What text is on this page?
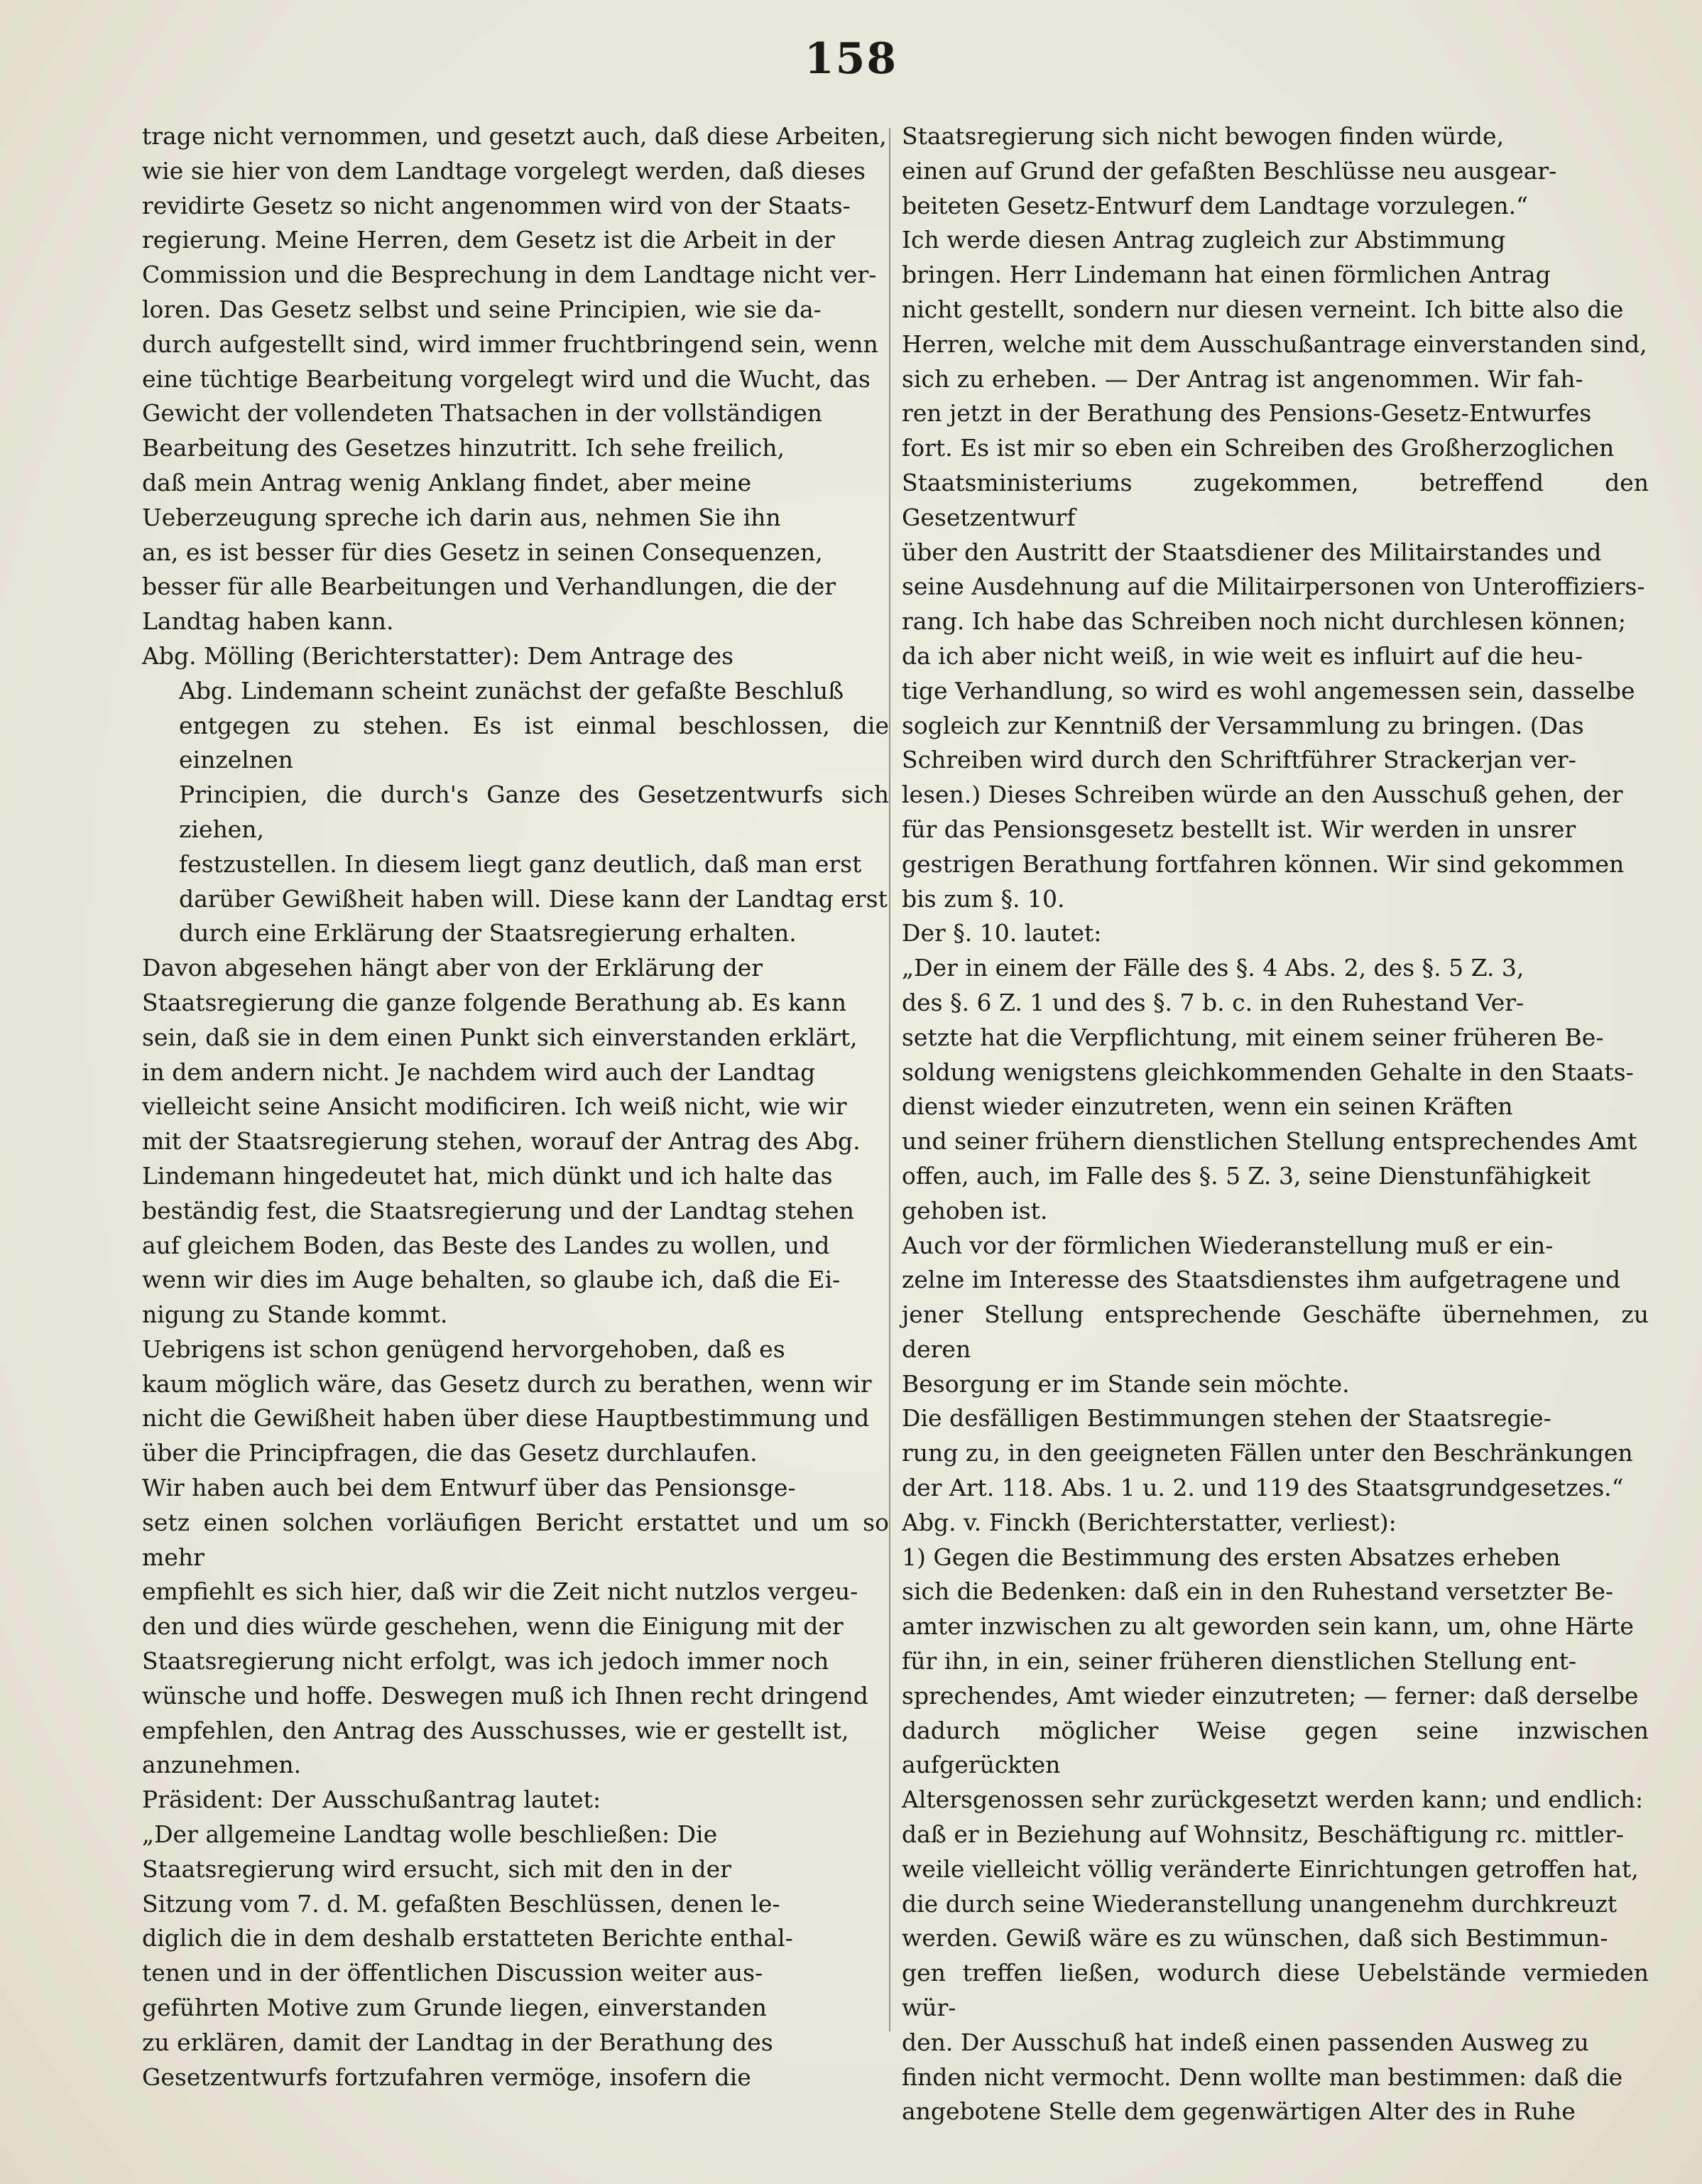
158

trage nicht vernommen, und gesetzt auch, daß diese Arbeiten,
wie sie hier von dem Landtage vorgelegt werden, daß dieses
revidirte Gesetz so nicht angenommen wird von der Staats-
regierung. Meine Herren, dem Gesetz ist die Arbeit in der
Commission und die Besprechung in dem Landtage nicht ver-
loren. Das Gesetz selbst und seine Principien, wie sie da-
durch aufgestellt sind, wird immer fruchtbringend sein, wenn
eine tüchtige Bearbeitung vorgelegt wird und die Wucht, das
Gewicht der vollendeten Thatsachen in der vollständigen
Bearbeitung des Gesetzes hinzutritt. Ich sehe freilich,
daß mein Antrag wenig Anklang findet, aber meine
Ueberzeugung spreche ich darin aus, nehmen Sie ihn
an, es ist besser für dies Gesetz in seinen Consequenzen,
besser für alle Bearbeitungen und Verhandlungen, die der
Landtag haben kann.

Abg. Mölling (Berichterstatter): Dem Antrage des
Abg. Lindemann scheint zunächst der gefaßte Beschluß
entgegen zu stehen. Es ist einmal beschlossen, die einzelnen
Principien, die durch's Ganze des Gesetzentwurfs sich ziehen,
festzustellen. In diesem liegt ganz deutlich, daß man erst
darüber Gewißheit haben will. Diese kann der Landtag erst
durch eine Erklärung der Staatsregierung erhalten.

Davon abgesehen hängt aber von der Erklärung der
Staatsregierung die ganze folgende Berathung ab. Es kann
sein, daß sie in dem einen Punkt sich einverstanden erklärt,
in dem andern nicht. Je nachdem wird auch der Landtag
vielleicht seine Ansicht modificiren. Ich weiß nicht, wie wir
mit der Staatsregierung stehen, worauf der Antrag des Abg.
Lindemann hingedeutet hat, mich dünkt und ich halte das
beständig fest, die Staatsregierung und der Landtag stehen
auf gleichem Boden, das Beste des Landes zu wollen, und
wenn wir dies im Auge behalten, so glaube ich, daß die Ei-
nigung zu Stande kommt.

Uebrigens ist schon genügend hervorgehoben, daß es
kaum möglich wäre, das Gesetz durch zu berathen, wenn wir
nicht die Gewißheit haben über diese Hauptbestimmung und
über die Principfragen, die das Gesetz durchlaufen.

Wir haben auch bei dem Entwurf über das Pensionsge-
setz einen solchen vorläufigen Bericht erstattet und um so mehr
empfiehlt es sich hier, daß wir die Zeit nicht nutzlos vergeu-
den und dies würde geschehen, wenn die Einigung mit der
Staatsregierung nicht erfolgt, was ich jedoch immer noch
wünsche und hoffe. Deswegen muß ich Ihnen recht dringend
empfehlen, den Antrag des Ausschusses, wie er gestellt ist,
anzunehmen.

Präsident: Der Ausschußantrag lautet:

„Der allgemeine Landtag wolle beschließen: Die
Staatsregierung wird ersucht, sich mit den in der
Sitzung vom 7. d. M. gefaßten Beschlüssen, denen le-
diglich die in dem deshalb erstatteten Berichte enthal-
tenen und in der öffentlichen Discussion weiter aus-
geführten Motive zum Grunde liegen, einverstanden
zu erklären, damit der Landtag in der Berathung des
Gesetzentwurfs fortzufahren vermöge, insofern die

Staatsregierung sich nicht bewogen finden würde,
einen auf Grund der gefaßten Beschlüsse neu ausgear-
beiteten Gesetz-Entwurf dem Landtage vorzulegen.“

Ich werde diesen Antrag zugleich zur Abstimmung
bringen. Herr Lindemann hat einen förmlichen Antrag
nicht gestellt, sondern nur diesen verneint. Ich bitte also die
Herren, welche mit dem Ausschußantrage einverstanden sind,
sich zu erheben. — Der Antrag ist angenommen. Wir fah-
ren jetzt in der Berathung des Pensions-Gesetz-Entwurfes
fort. Es ist mir so eben ein Schreiben des Großherzoglichen
Staatsministeriums zugekommen, betreffend den Gesetzentwurf
über den Austritt der Staatsdiener des Militairstandes und
seine Ausdehnung auf die Militairpersonen von Unteroffiziers-
rang. Ich habe das Schreiben noch nicht durchlesen können;
da ich aber nicht weiß, in wie weit es influirt auf die heu-
tige Verhandlung, so wird es wohl angemessen sein, dasselbe
sogleich zur Kenntniß der Versammlung zu bringen. (Das
Schreiben wird durch den Schriftführer Strackerjan ver-
lesen.) Dieses Schreiben würde an den Ausschuß gehen, der
für das Pensionsgesetz bestellt ist. Wir werden in unsrer
gestrigen Berathung fortfahren können. Wir sind gekommen
bis zum §. 10.

Der §. 10. lautet:

„Der in einem der Fälle des §. 4 Abs. 2, des §. 5 Z. 3,
des §. 6 Z. 1 und des §. 7 b. c. in den Ruhestand Ver-
setzte hat die Verpflichtung, mit einem seiner früheren Be-
soldung wenigstens gleichkommenden Gehalte in den Staats-
dienst wieder einzutreten, wenn ein seinen Kräften
und seiner frühern dienstlichen Stellung entsprechendes Amt
offen, auch, im Falle des §. 5 Z. 3, seine Dienstunfähigkeit
gehoben ist.

Auch vor der förmlichen Wiederanstellung muß er ein-
zelne im Interesse des Staatsdienstes ihm aufgetragene und
jener Stellung entsprechende Geschäfte übernehmen, zu deren
Besorgung er im Stande sein möchte.

Die desfälligen Bestimmungen stehen der Staatsregie-
rung zu, in den geeigneten Fällen unter den Beschränkungen
der Art. 118. Abs. 1 u. 2. und 119 des Staatsgrundgesetzes.“

Abg. v. Finckh (Berichterstatter, verliest):

1) Gegen die Bestimmung des ersten Absatzes erheben
sich die Bedenken: daß ein in den Ruhestand versetzter Be-
amter inzwischen zu alt geworden sein kann, um, ohne Härte
für ihn, in ein, seiner früheren dienstlichen Stellung ent-
sprechendes, Amt wieder einzutreten; — ferner: daß derselbe
dadurch möglicher Weise gegen seine inzwischen aufgerückten
Altersgenossen sehr zurückgesetzt werden kann; und endlich:
daß er in Beziehung auf Wohnsitz, Beschäftigung rc. mittler-
weile vielleicht völlig veränderte Einrichtungen getroffen hat,
die durch seine Wiederanstellung unangenehm durchkreuzt
werden. Gewiß wäre es zu wünschen, daß sich Bestimmun-
gen treffen ließen, wodurch diese Uebelstände vermieden wür-
den. Der Ausschuß hat indeß einen passenden Ausweg zu
finden nicht vermocht. Denn wollte man bestimmen: daß die
angebotene Stelle dem gegenwärtigen Alter des in Ruhe
